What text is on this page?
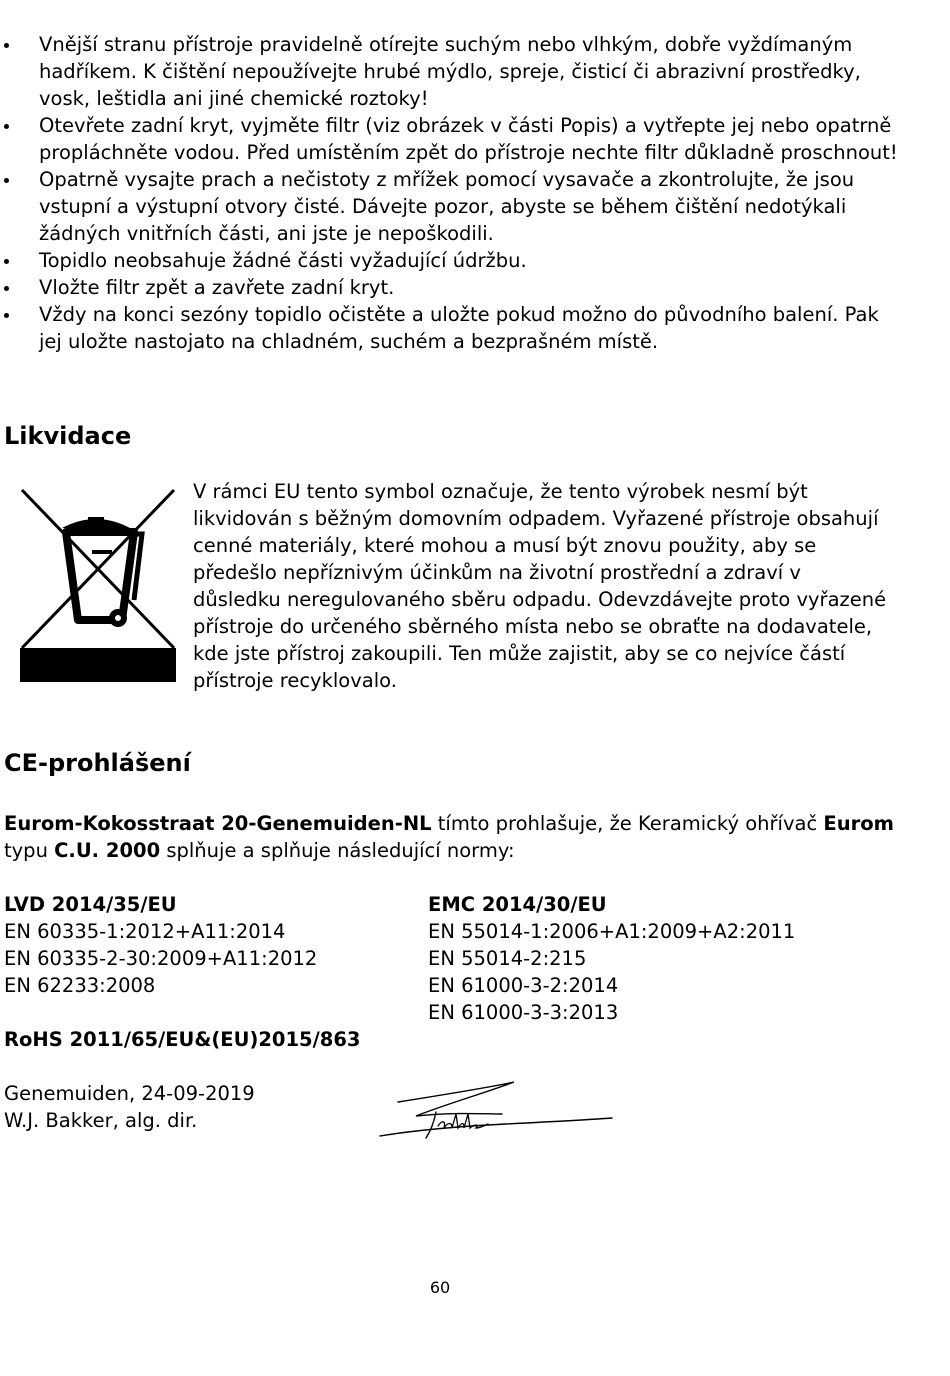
Vnější stranu přístroje pravidelně otírejte suchým nebo vlhkým, dobře vyždímaným hadříkem. K čištění nepoužívejte hrubé mýdlo, spreje, čisticí či abrazivní prostředky, vosk, leštidla ani jiné chemické roztoky!
Otevřete zadní kryt, vyjměte filtr (viz obrázek v části Popis) a vytřepte jej nebo opatrně propláchněte vodou. Před umístěním zpět do přístroje nechte filtr důkladně proschnout!
Opatrně vysajte prach a nečistoty z mřížek pomocí vysavače a zkontrolujte, že jsou vstupní a výstupní otvory čisté. Dávejte pozor, abyste se během čištění nedotýkali žádných vnitřních části, ani jste je nepoškodili.
Topidlo neobsahuje žádné části vyžadující údržbu.
Vložte filtr zpět a zavřete zadní kryt.
Vždy na konci sezóny topidlo očistěte a uložte pokud možno do původního balení. Pak jej uložte nastojato na chladném, suchém a bezprašném místě.
Likvidace

V rámci EU tento symbol označuje, že tento výrobek nesmí být likvidován s běžným domovním odpadem. Vyřazené přístroje obsahují cenné materiály, které mohou a musí být znovu použity, aby se předešlo nepříznivým účinkům na životní prostřední a zdraví v důsledku neregulovaného sběru odpadu. Odevzdávejte proto vyřazené přístroje do určeného sběrného místa nebo se obraťte na dodavatele, kde jste přístroj zakoupili. Ten může zajistit, aby se co nejvíce částí přístroje recyklovalo.

CE-prohlášení

Eurom-Kokosstraat 20-Genemuiden-NL tímto prohlašuje, že Keramický ohřívač Eurom typu C.U. 2000 splňuje a splňuje následující normy:

LVD 2014/35/EU
EN 60335-1:2012+A11:2014
EN 60335-2-30:2009+A11:2012
EN 62233:2008
EMC 2014/30/EU
EN 55014-1:2006+A1:2009+A2:2011
EN 55014-2:215
EN 61000-3-2:2014
EN 61000-3-3:2013

RoHS 2011/65/EU&(EU)2015/863

Genemuiden, 24-09-2019
W.J. Bakker, alg. dir.
60
